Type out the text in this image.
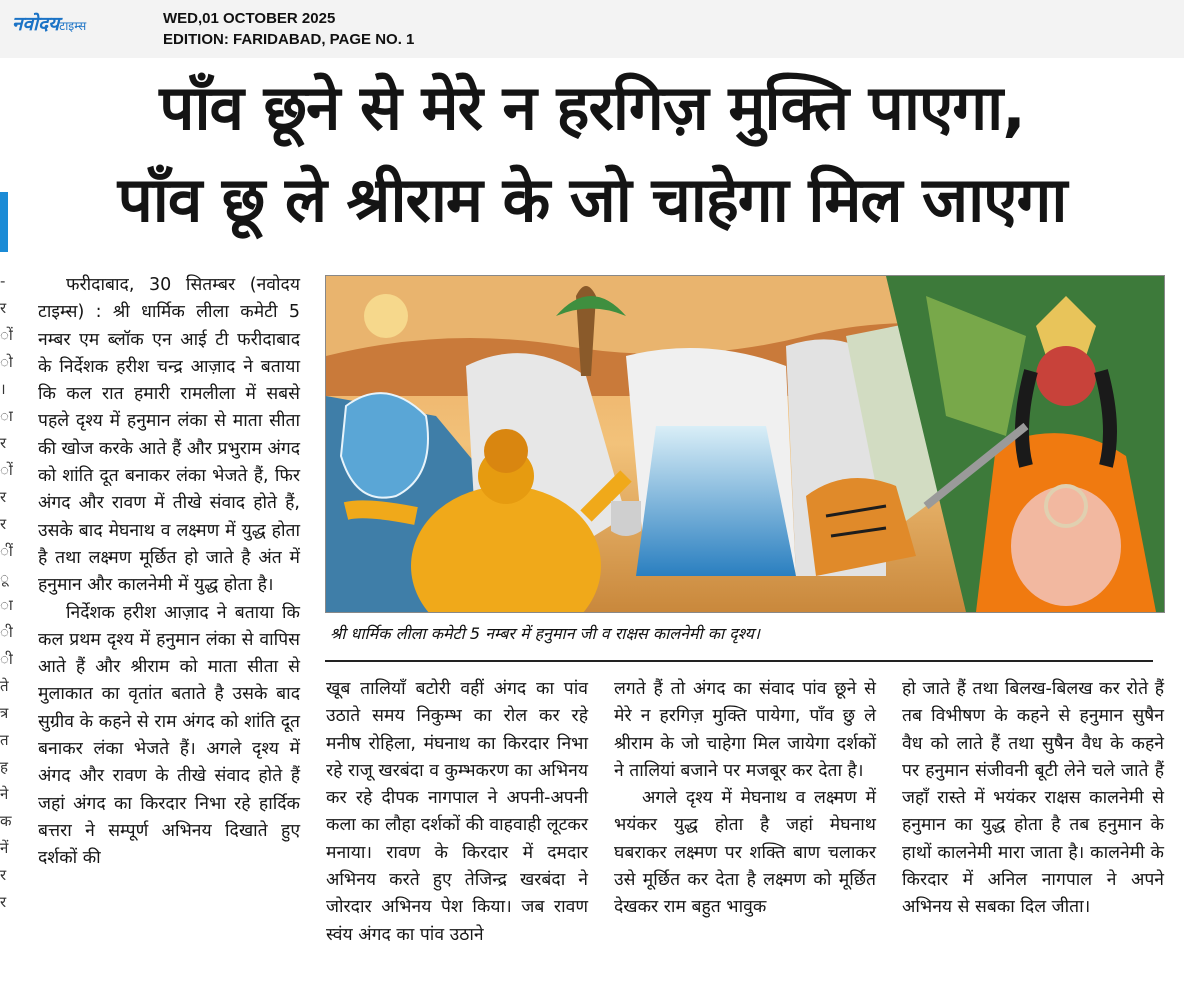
नवोदयटाइम्स	WED,01 OCTOBER 2025
EDITION: FARIDABAD, PAGE NO. 1
पाँव छूने से मेरे न हरगिज़ मुक्ति पाएगा,
पाँव छू ले श्रीराम के जो चाहेगा मिल जाएगा
- र ों ो । ा र ों र र ीं ू ा ी ी ते त्र त ह ने क नें र र

फरीदाबाद, 30 सितम्बर (नवोदय टाइम्स) : श्री धार्मिक लीला कमेटी 5 नम्बर एम ब्लॉक एन आई टी फरीदाबाद के निर्देशक हरीश चन्द्र आज़ाद ने बताया कि कल रात हमारी रामलीला में सबसे पहले दृश्य में हनुमान लंका से माता सीता की खोज करके आते हैं और प्रभुराम अंगद को शांति दूत बनाकर लंका भेजते हैं, फिर अंगद और रावण में तीखे संवाद होते हैं, उसके बाद मेघनाथ व लक्ष्मण में युद्ध होता है तथा लक्ष्मण मूर्छित हो जाते है अंत में हनुमान और कालनेमी में युद्ध होता है।

निर्देशक हरीश आज़ाद ने बताया कि कल प्रथम दृश्य में हनुमान लंका से वापिस आते हैं और श्रीराम को माता सीता से मुलाकात का वृतांत बताते है उसके बाद सुग्रीव के कहने से राम अंगद को शांति दूत बनाकर लंका भेजते हैं। अगले दृश्य में अंगद और रावण के तीखे संवाद होते हैं जहां अंगद का किरदार निभा रहे हार्दिक बत्तरा ने सम्पूर्ण अभिनय दिखाते हुए दर्शकों की

श्री धार्मिक लीला कमेटी 5 नम्बर में हनुमान जी व राक्षस कालनेमी का दृश्य।

खूब तालियाँ बटोरी वहीं अंगद का पांव उठाते समय निकुम्भ का रोल कर रहे मनीष रोहिला, मंघनाथ का किरदार निभा रहे राजू खरबंदा व कुम्भकरण का अभिनय कर रहे दीपक नागपाल ने अपनी-अपनी कला का लौहा दर्शकों की वाहवाही लूटकर मनाया। रावण के किरदार में दमदार अभिनय करते हुए तेजिन्द्र खरबंदा ने जोरदार अभिनय पेश किया। जब रावण स्वंय अंगद का पांव उठाने

लगते हैं तो अंगद का संवाद पांव छूने से मेरे न हरगिज़ मुक्ति पायेगा, पाँव छु ले श्रीराम के जो चाहेगा मिल जायेगा दर्शकों ने तालियां बजाने पर मजबूर कर देता है।

अगले दृश्य में मेघनाथ व लक्ष्मण में भयंकर युद्ध होता है जहां मेघनाथ घबराकर लक्ष्मण पर शक्ति बाण चलाकर उसे मूर्छित कर देता है लक्ष्मण को मूर्छित देखकर राम बहुत भावुक

हो जाते हैं तथा बिलख-बिलख कर रोते हैं तब विभीषण के कहने से हनुमान सुषैन वैध को लाते हैं तथा सुषैन वैध के कहने पर हनुमान संजीवनी बूटी लेने चले जाते हैं जहाँ रास्ते में भयंकर राक्षस कालनेमी से हनुमान का युद्ध होता है तब हनुमान के हाथों कालनेमी मारा जाता है। कालनेमी के किरदार में अनिल नागपाल ने अपने अभिनय से सबका दिल जीता।
